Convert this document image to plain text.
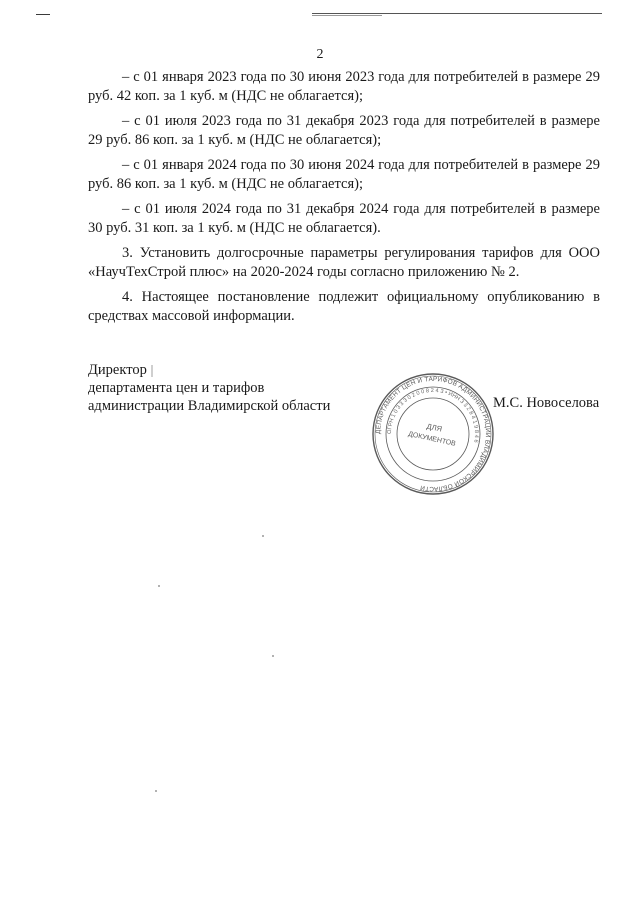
2

– с 01 января 2023 года по 30 июня 2023 года для потребителей в размере 29 руб. 42 коп. за 1 куб. м (НДС не облагается);

– с 01 июля 2023 года по 31 декабря 2023 года для потребителей в размере 29 руб. 86 коп. за 1 куб. м (НДС не облагается);

– с 01 января 2024 года по 30 июня 2024 года для потребителей в размере 29 руб. 86 коп. за 1 куб. м (НДС не облагается);

– с 01 июля 2024 года по 31 декабря 2024 года для потребителей в размере 30 руб. 31 коп. за 1 куб. м (НДС не облагается).

3. Установить долгосрочные параметры регулирования тарифов для ООО «НаучТехСтрой плюс» на 2020-2024 годы согласно приложению № 2.

4. Настоящее постановление подлежит официальному опубликованию в средствах массовой информации.

Директор
департамента цен и тарифов
администрации Владимирской области
ДЕПАРТАМЕНТ ЦЕН И ТАРИФОВ АДМИНИСТРАЦИИ ВЛАДИМИРСКОЙ ОБЛАСТИ
ОГРН 1 0 3 3 3 0 2 0 0 8 2 4 3 • ИНН 3 3 2 8 4 1 9 8 4 6
ДЛЯ
ДОКУМЕНТОВ
М.С. Новоселова
